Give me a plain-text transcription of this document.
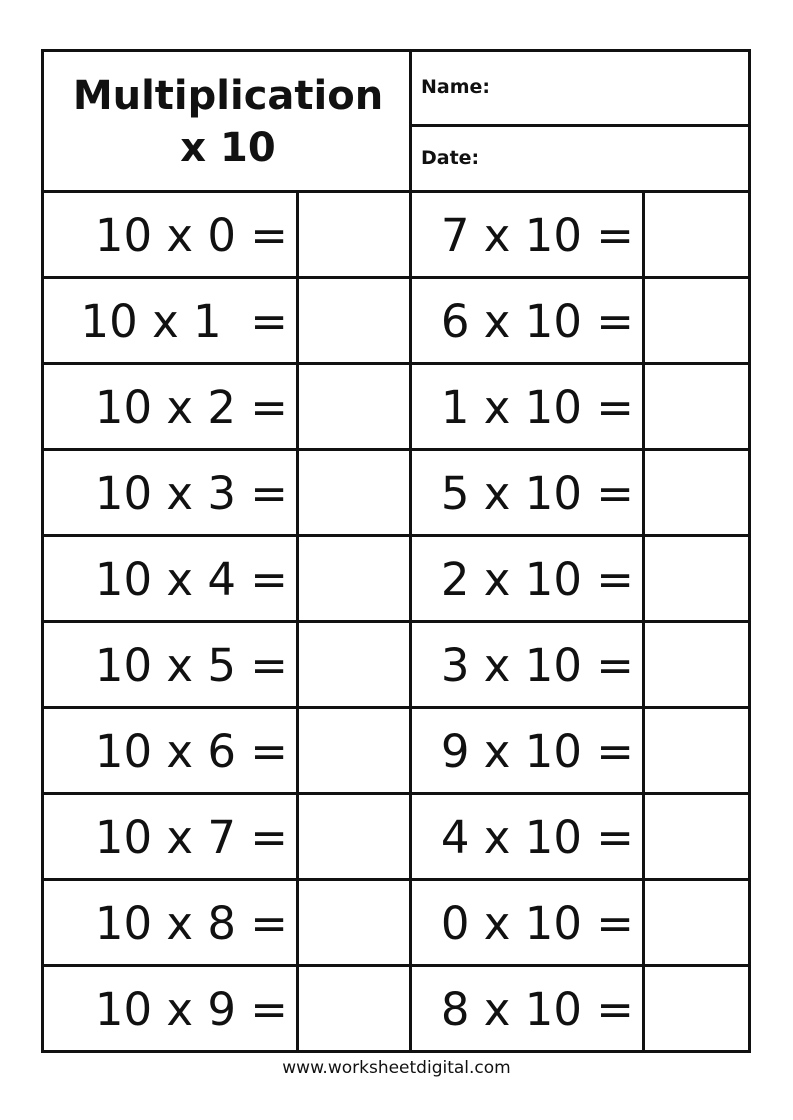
Multiplication
x 10
Name:
Date:
10 x 0 =
10 x 1  =
10 x 2 =
10 x 3 =
10 x 4 =
10 x 5 =
10 x 6 =
10 x 7 =
10 x 8 =
10 x 9 =
7 x 10 =
6 x 10 =
1 x 10 =
5 x 10 =
2 x 10 =
3 x 10 =
9 x 10 =
4 x 10 =
0 x 10 =
8 x 10 =
www.worksheetdigital.com
